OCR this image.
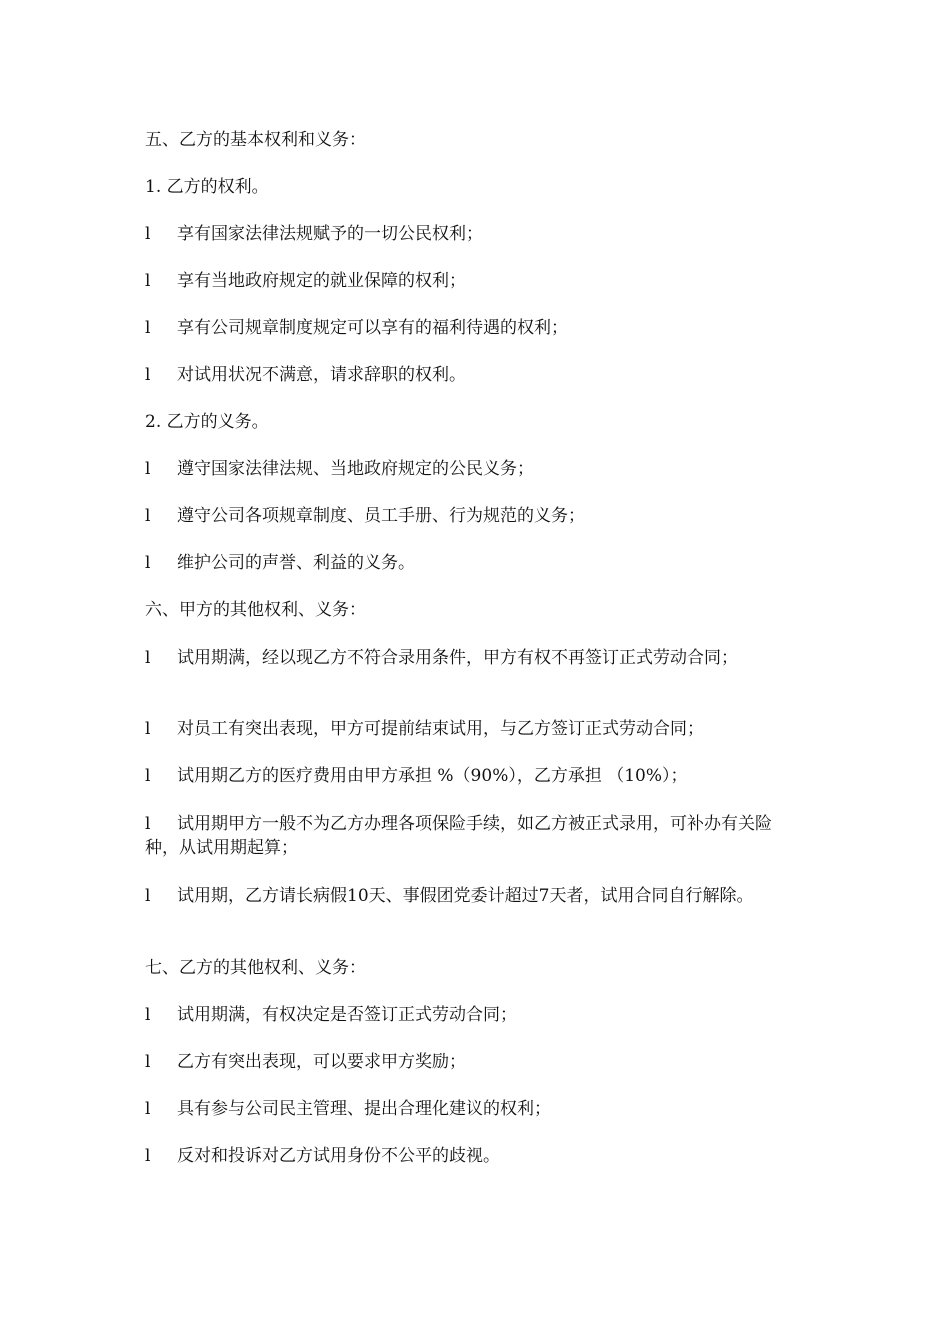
五、乙方的基本权利和义务：
1. 乙方的权利。
l 享有国家法律法规赋予的一切公民权利；
l 享有当地政府规定的就业保障的权利；
l 享有公司规章制度规定可以享有的福利待遇的权利；
l 对试用状况不满意，请求辞职的权利。
2. 乙方的义务。
l 遵守国家法律法规、当地政府规定的公民义务；
l 遵守公司各项规章制度、员工手册、行为规范的义务；
l 维护公司的声誉、利益的义务。
六、甲方的其他权利、义务：
l 试用期满，经以现乙方不符合录用条件，甲方有权不再签订正式劳动合同；
l 对员工有突出表现，甲方可提前结束试用，与乙方签订正式劳动合同；
l 试用期乙方的医疗费用由甲方承担 %（90%），乙方承担 （10%）；
l 试用期甲方一般不为乙方办理各项保险手续，如乙方被正式录用，可补办有关险种，从试用期起算；
l 试用期，乙方请长病假10天、事假团党委计超过7天者，试用合同自行解除。
七、乙方的其他权利、义务：
l 试用期满，有权决定是否签订正式劳动合同；
l 乙方有突出表现，可以要求甲方奖励；
l 具有参与公司民主管理、提出合理化建议的权利；
l 反对和投诉对乙方试用身份不公平的歧视。
